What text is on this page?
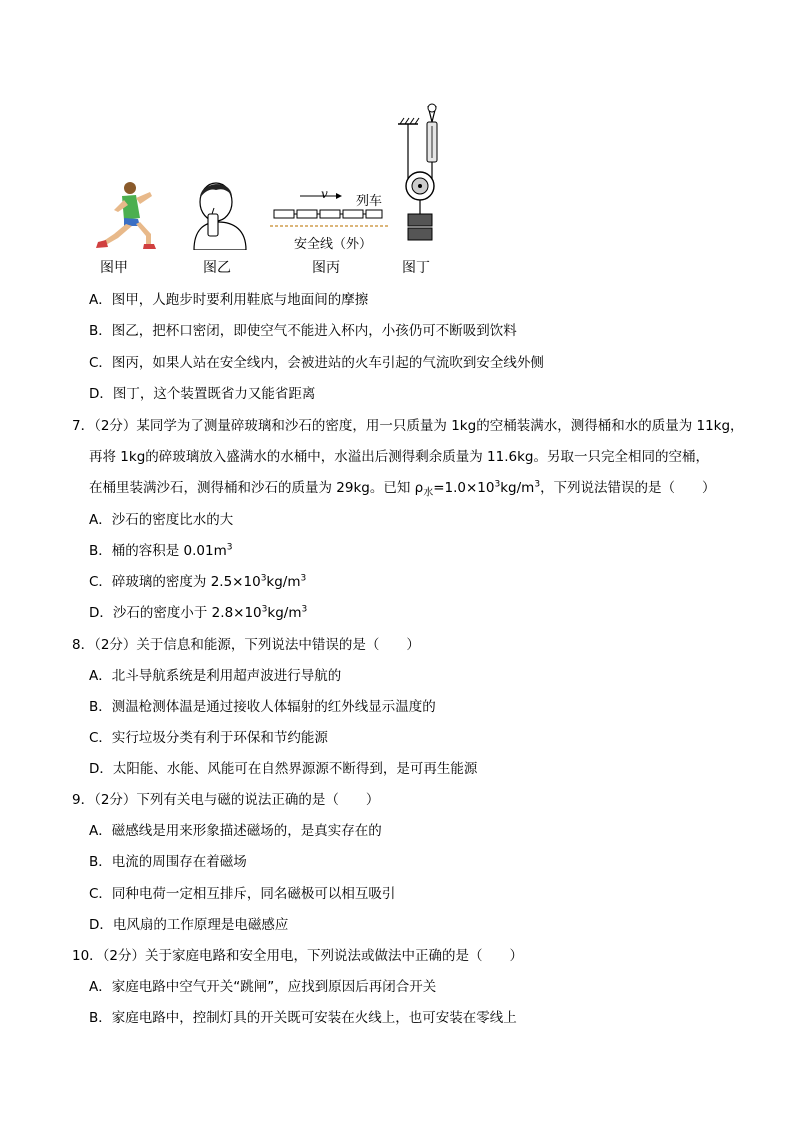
图甲	图乙
v 列车
安全线（外）
图丙	图丁
A．图甲，人跑步时要利用鞋底与地面间的摩擦
B．图乙，把杯口密闭，即使空气不能进入杯内，小孩仍可不断吸到饮料
C．图丙，如果人站在安全线内，会被进站的火车引起的气流吹到安全线外侧
D．图丁，这个装置既省力又能省距离
7．（2分）某同学为了测量碎玻璃和沙石的密度，用一只质量为 1kg的空桶装满水，测得桶和水的质量为 11kg，
再将 1kg的碎玻璃放入盛满水的水桶中，水溢出后测得剩余质量为 11.6kg。另取一只完全相同的空桶，
在桶里装满沙石，测得桶和沙石的质量为 29kg。已知 $\rho_水=1.0\times 10^3kg/m^3$，下列说法错误的是（　　）
A．沙石的密度比水的大
B．桶的容积是 $0.01m^3$
C．碎玻璃的密度为 $2.5\times 10^3kg/m^3$
D．沙石的密度小于 $2.8\times 10^3kg/m^3$
8．（2分）关于信息和能源，下列说法中错误的是（　　）
A．北斗导航系统是利用超声波进行导航的
B．测温枪测体温是通过接收人体辐射的红外线显示温度的
C．实行垃圾分类有利于环保和节约能源
D．太阳能、水能、风能可在自然界源源不断得到，是可再生能源
9．（2分）下列有关电与磁的说法正确的是（　　）
A．磁感线是用来形象描述磁场的，是真实存在的
B．电流的周围存在着磁场
C．同种电荷一定相互排斥，同名磁极可以相互吸引
D．电风扇的工作原理是电磁感应
10．（2分）关于家庭电路和安全用电，下列说法或做法中正确的是（　　）
A．家庭电路中空气开关“跳闸”，应找到原因后再闭合开关
B．家庭电路中，控制灯具的开关既可安装在火线上，也可安装在零线上
